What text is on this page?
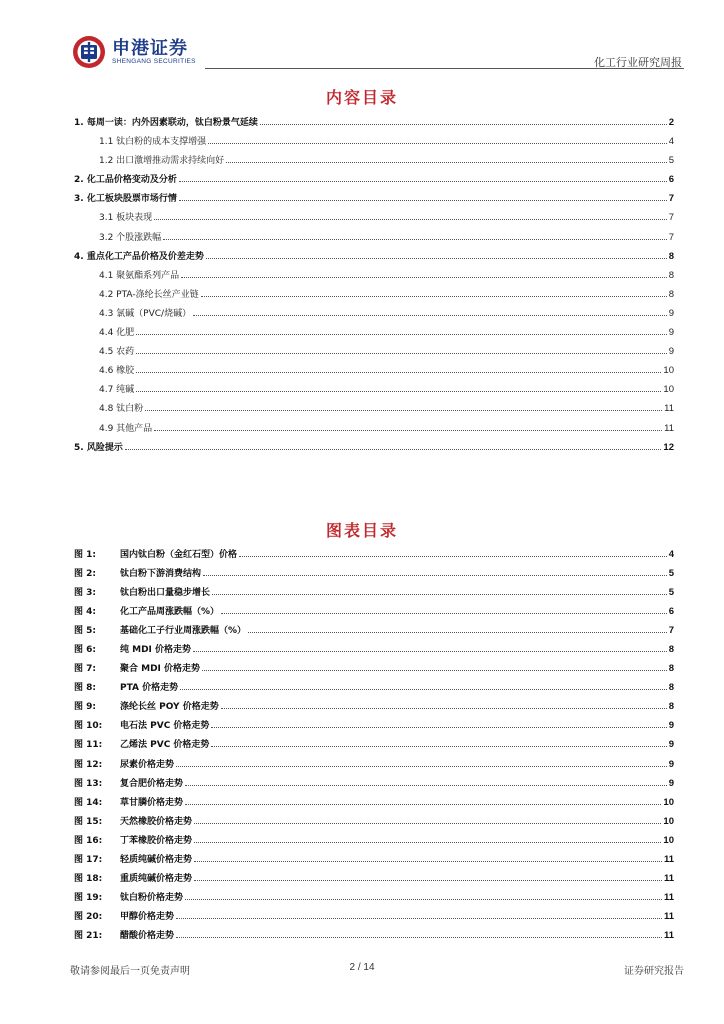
申港证券
SHENGANG SECURITIES	化工行业研究周报
内容目录
1. 每周一读：内外因素联动，钛白粉景气延续	2
1.1 钛白粉的成本支撑增强	4
1.2 出口激增推动需求持续向好	5
2. 化工品价格变动及分析	6
3. 化工板块股票市场行情	7
3.1 板块表现	7
3.2 个股涨跌幅	7
4. 重点化工产品价格及价差走势	8
4.1 聚氨酯系列产品	8
4.2 PTA-涤纶长丝产业链	8
4.3 氯碱（PVC/烧碱）	9
4.4 化肥	9
4.5 农药	9
4.6 橡胶	10
4.7 纯碱	10
4.8 钛白粉	11
4.9 其他产品	11
5. 风险提示	12
图表目录
图 1:	国内钛白粉（金红石型）价格	4
图 2:	钛白粉下游消费结构	5
图 3:	钛白粉出口量稳步增长	5
图 4:	化工产品周涨跌幅（%）	6
图 5:	基础化工子行业周涨跌幅（%）	7
图 6:	纯 MDI 价格走势	8
图 7:	聚合 MDI 价格走势	8
图 8:	PTA 价格走势	8
图 9:	涤纶长丝 POY 价格走势	8
图 10:	电石法 PVC 价格走势	9
图 11:	乙烯法 PVC 价格走势	9
图 12:	尿素价格走势	9
图 13:	复合肥价格走势	9
图 14:	草甘膦价格走势	10
图 15:	天然橡胶价格走势	10
图 16:	丁苯橡胶价格走势	10
图 17:	轻质纯碱价格走势	11
图 18:	重质纯碱价格走势	11
图 19:	钛白粉价格走势	11
图 20:	甲醇价格走势	11
图 21:	醋酸价格走势	11
敬请参阅最后一页免责声明	2 / 14	证券研究报告
